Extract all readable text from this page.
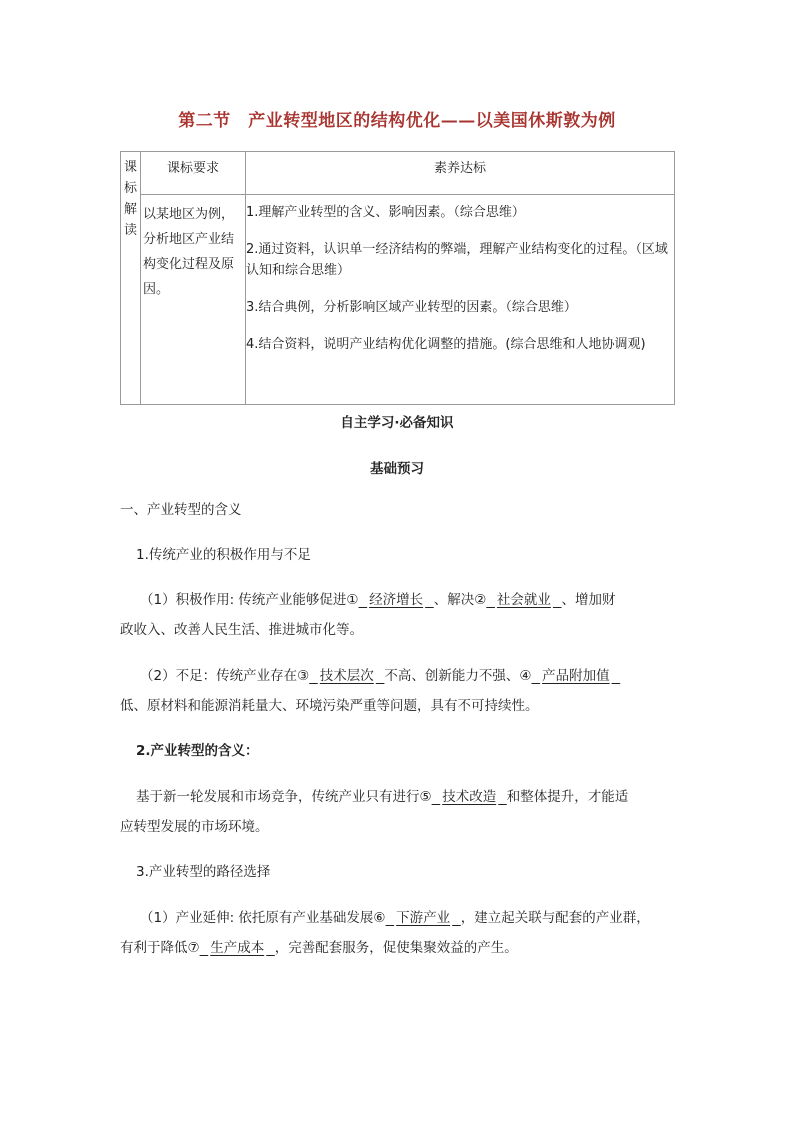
第二节　产业转型地区的结构优化——以美国休斯敦为例
课
标
解
读	课标要求	素养达标
	以某地区为例，分析地区产业结构变化过程及原因。	1.理解产业转型的含义、影响因素。（综合思维）

2.通过资料，认识单一经济结构的弊端，理解产业结构变化的过程。（区域认知和综合思维）

3.结合典例，分析影响区域产业转型的因素。（综合思维）

4.结合资料，说明产业结构优化调整的措施。(综合思维和人地协调观)

自主学习·必备知识
基础预习
一、产业转型的含义
1.传统产业的积极作用与不足
（1）积极作用: 传统产业能够促进① 经济增长 、解决② 社会就业 、增加财
政收入、改善人民生活、推进城市化等。
（2）不足：传统产业存在③ 技术层次 不高、创新能力不强、④ 产品附加值
低、原材料和能源消耗量大、环境污染严重等问题，具有不可持续性。
2.产业转型的含义：
基于新一轮发展和市场竞争，传统产业只有进行⑤ 技术改造 和整体提升，才能适
应转型发展的市场环境。
3.产业转型的路径选择
（1）产业延伸: 依托原有产业基础发展⑥ 下游产业 ，建立起关联与配套的产业群，
有利于降低⑦ 生产成本 ，完善配套服务，促使集聚效益的产生。
